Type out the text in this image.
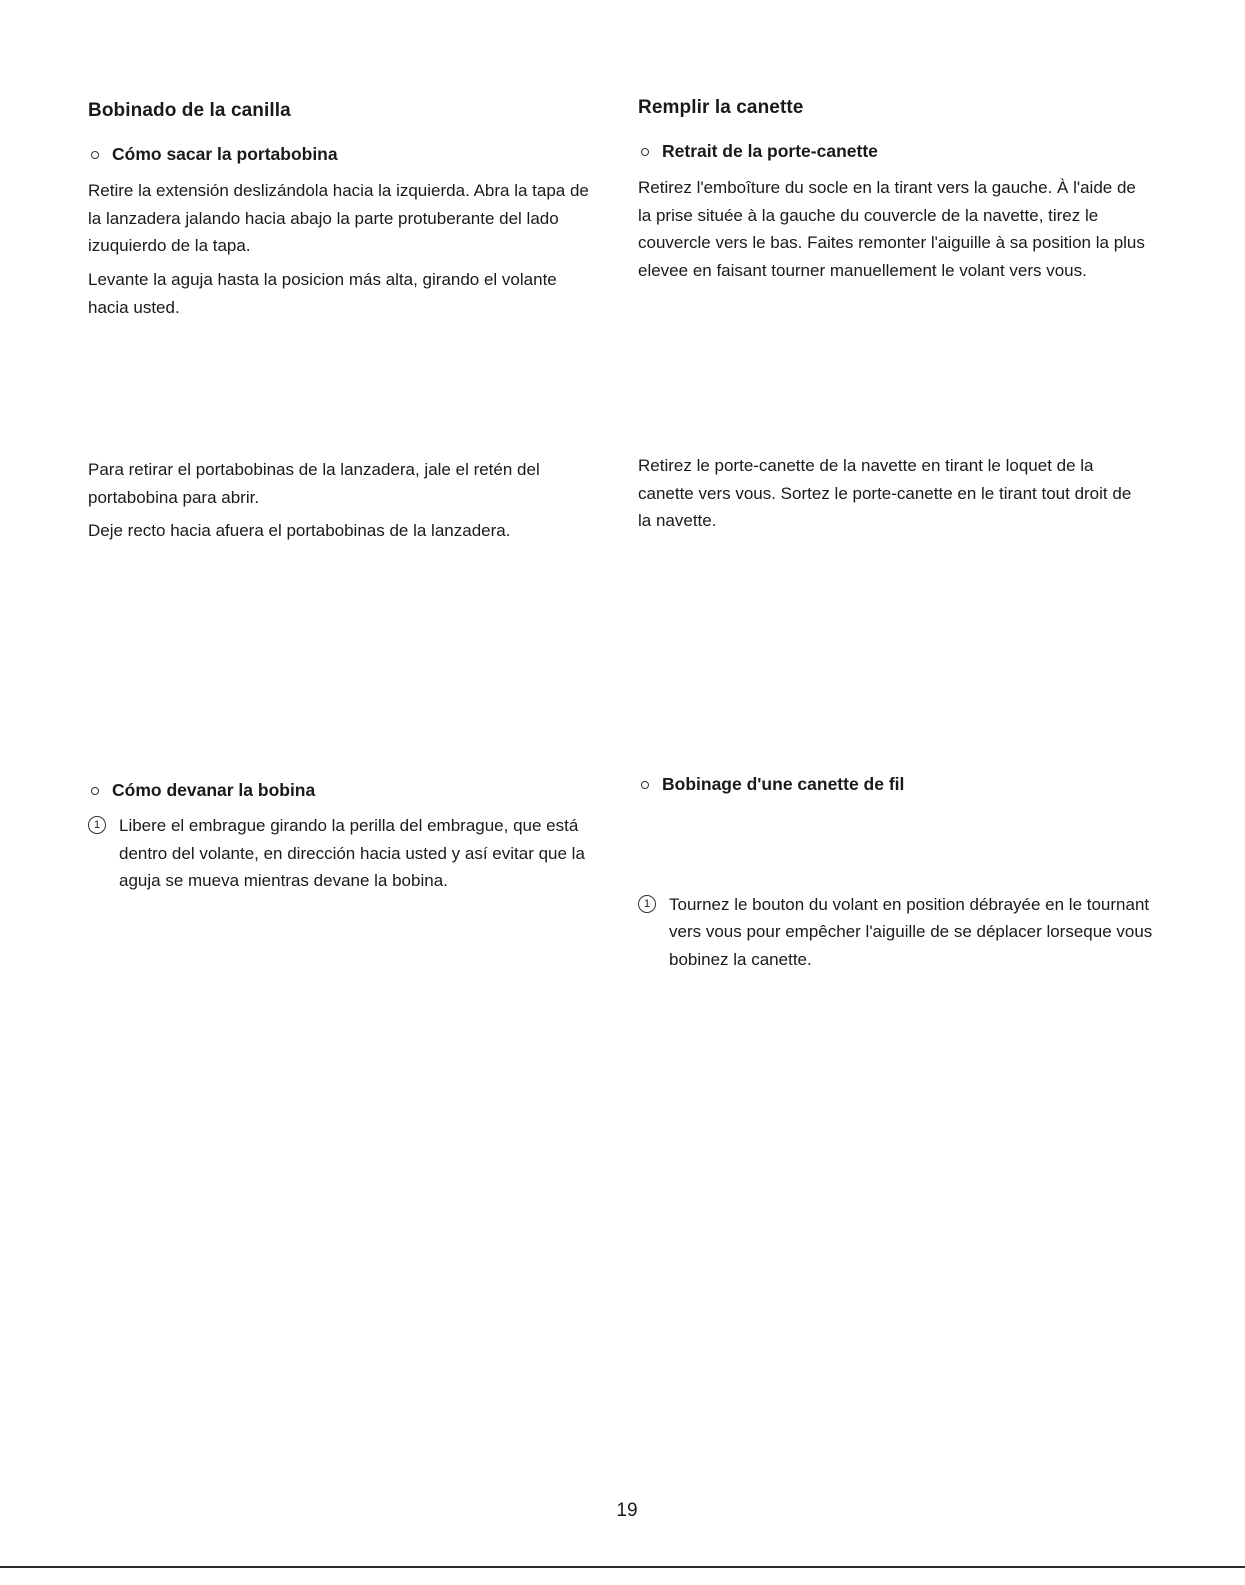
Bobinado de la canilla
Cómo sacar la portabobina

Retire la extensión deslizándola hacia la izquierda. Abra la tapa de la lanzadera jalando hacia abajo la parte protuberante del lado izuquierdo de la tapa.

Levante la aguja hasta la posicion más alta, girando el volante hacia usted.

Para retirar el portabobinas de la lanzadera, jale el retén del portabobina para abrir.

Deje recto hacia afuera el portabobinas de la lanzadera.

Cómo devanar la bobina
1	Libere el embrague girando la perilla del embrague, que está dentro del volante, en dirección hacia usted y así evitar que la aguja se mueva mientras devane la bobina.
Remplir la canette
Retrait de la porte-canette

Retirez l'emboîture du socle en la tirant vers la gauche. À l'aide de la prise située à la gauche du couvercle de la navette, tirez le couvercle vers le bas. Faites remonter l'aiguille à sa position la plus elevee en faisant tourner manuellement le volant vers vous.

Retirez le porte-canette de la navette en tirant le loquet de la canette vers vous. Sortez le porte-canette en le tirant tout droit de la navette.

Bobinage d'une canette de fil
1	Tournez le bouton du volant en position débrayée en le tournant vers vous pour empêcher l'aiguille de se déplacer lorseque vous bobinez la canette.
19
